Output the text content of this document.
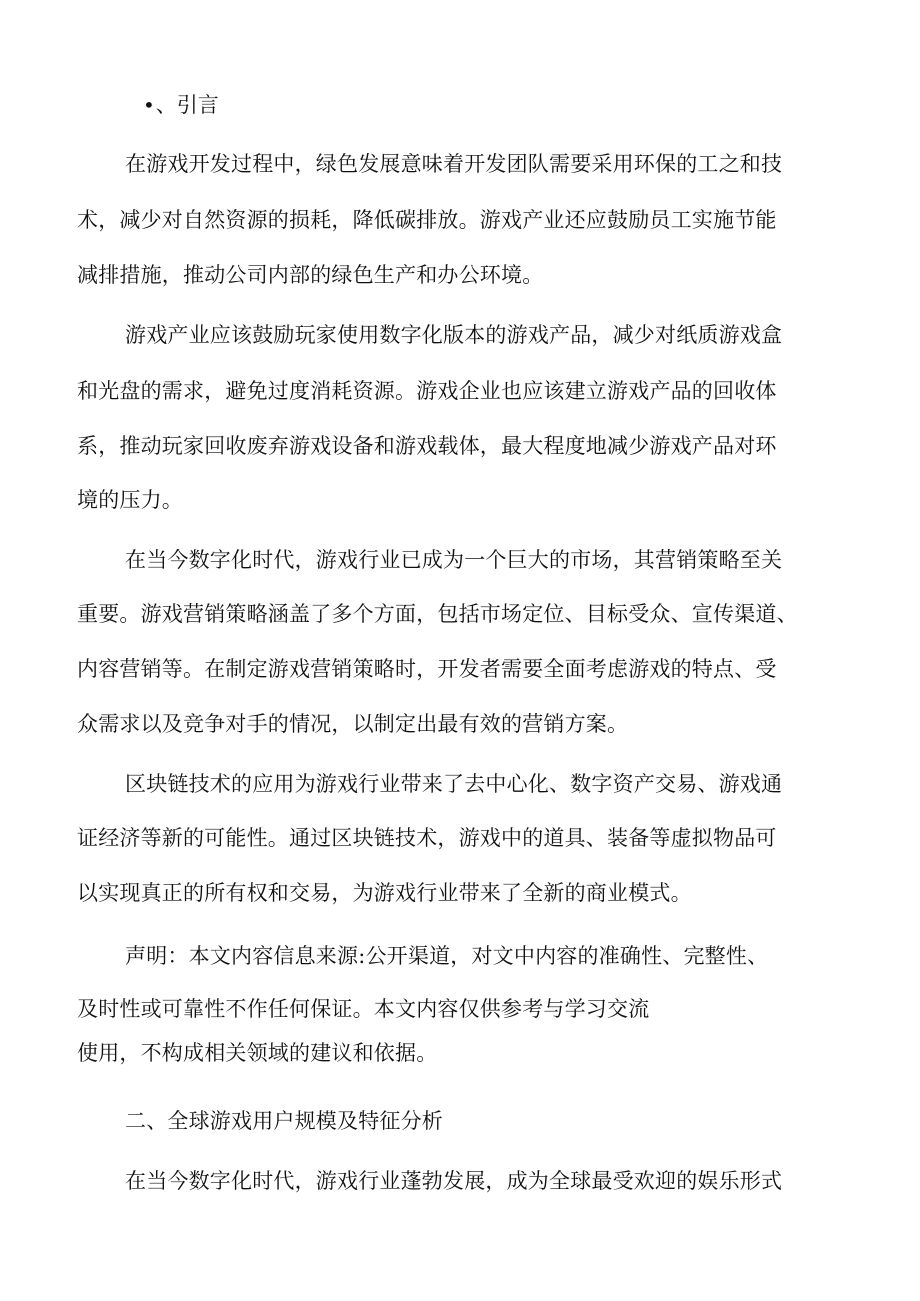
•、引言
在游戏开发过程中，绿色发展意味着开发团队需要采用环保的工之和技
术，减少对自然资源的损耗，降低碳排放。游戏产业还应鼓励员工实施节能
减排措施，推动公司内部的绿色生产和办公环境。
游戏产业应该鼓励玩家使用数字化版本的游戏产品，减少对纸质游戏盒
和光盘的需求，避免过度消耗资源。游戏企业也应该建立游戏产品的回收体
系，推动玩家回收废弃游戏设备和游戏载体，最大程度地减少游戏产品对环
境的压力。
在当今数字化时代，游戏行业已成为一个巨大的市场，其营销策略至关
重要。游戏营销策略涵盖了多个方面，包括市场定位、目标受众、宣传渠道、
内容营销等。在制定游戏营销策略时，开发者需要全面考虑游戏的特点、受
众需求以及竞争对手的情况，以制定出最有效的营销方案。
区块链技术的应用为游戏行业带来了去中心化、数字资产交易、游戏通
证经济等新的可能性。通过区块链技术，游戏中的道具、装备等虚拟物品可
以实现真正的所有权和交易，为游戏行业带来了全新的商业模式。
声明：本文内容信息来源:公开渠道，对文中内容的准确性、完整性、
及时性或可靠性不作任何保证。本文内容仅供参考与学习交流
使用，不构成相关领域的建议和依据。
二、全球游戏用户规模及特征分析
在当今数字化时代，游戏行业蓬勃发展，成为全球最受欢迎的娱乐形式
